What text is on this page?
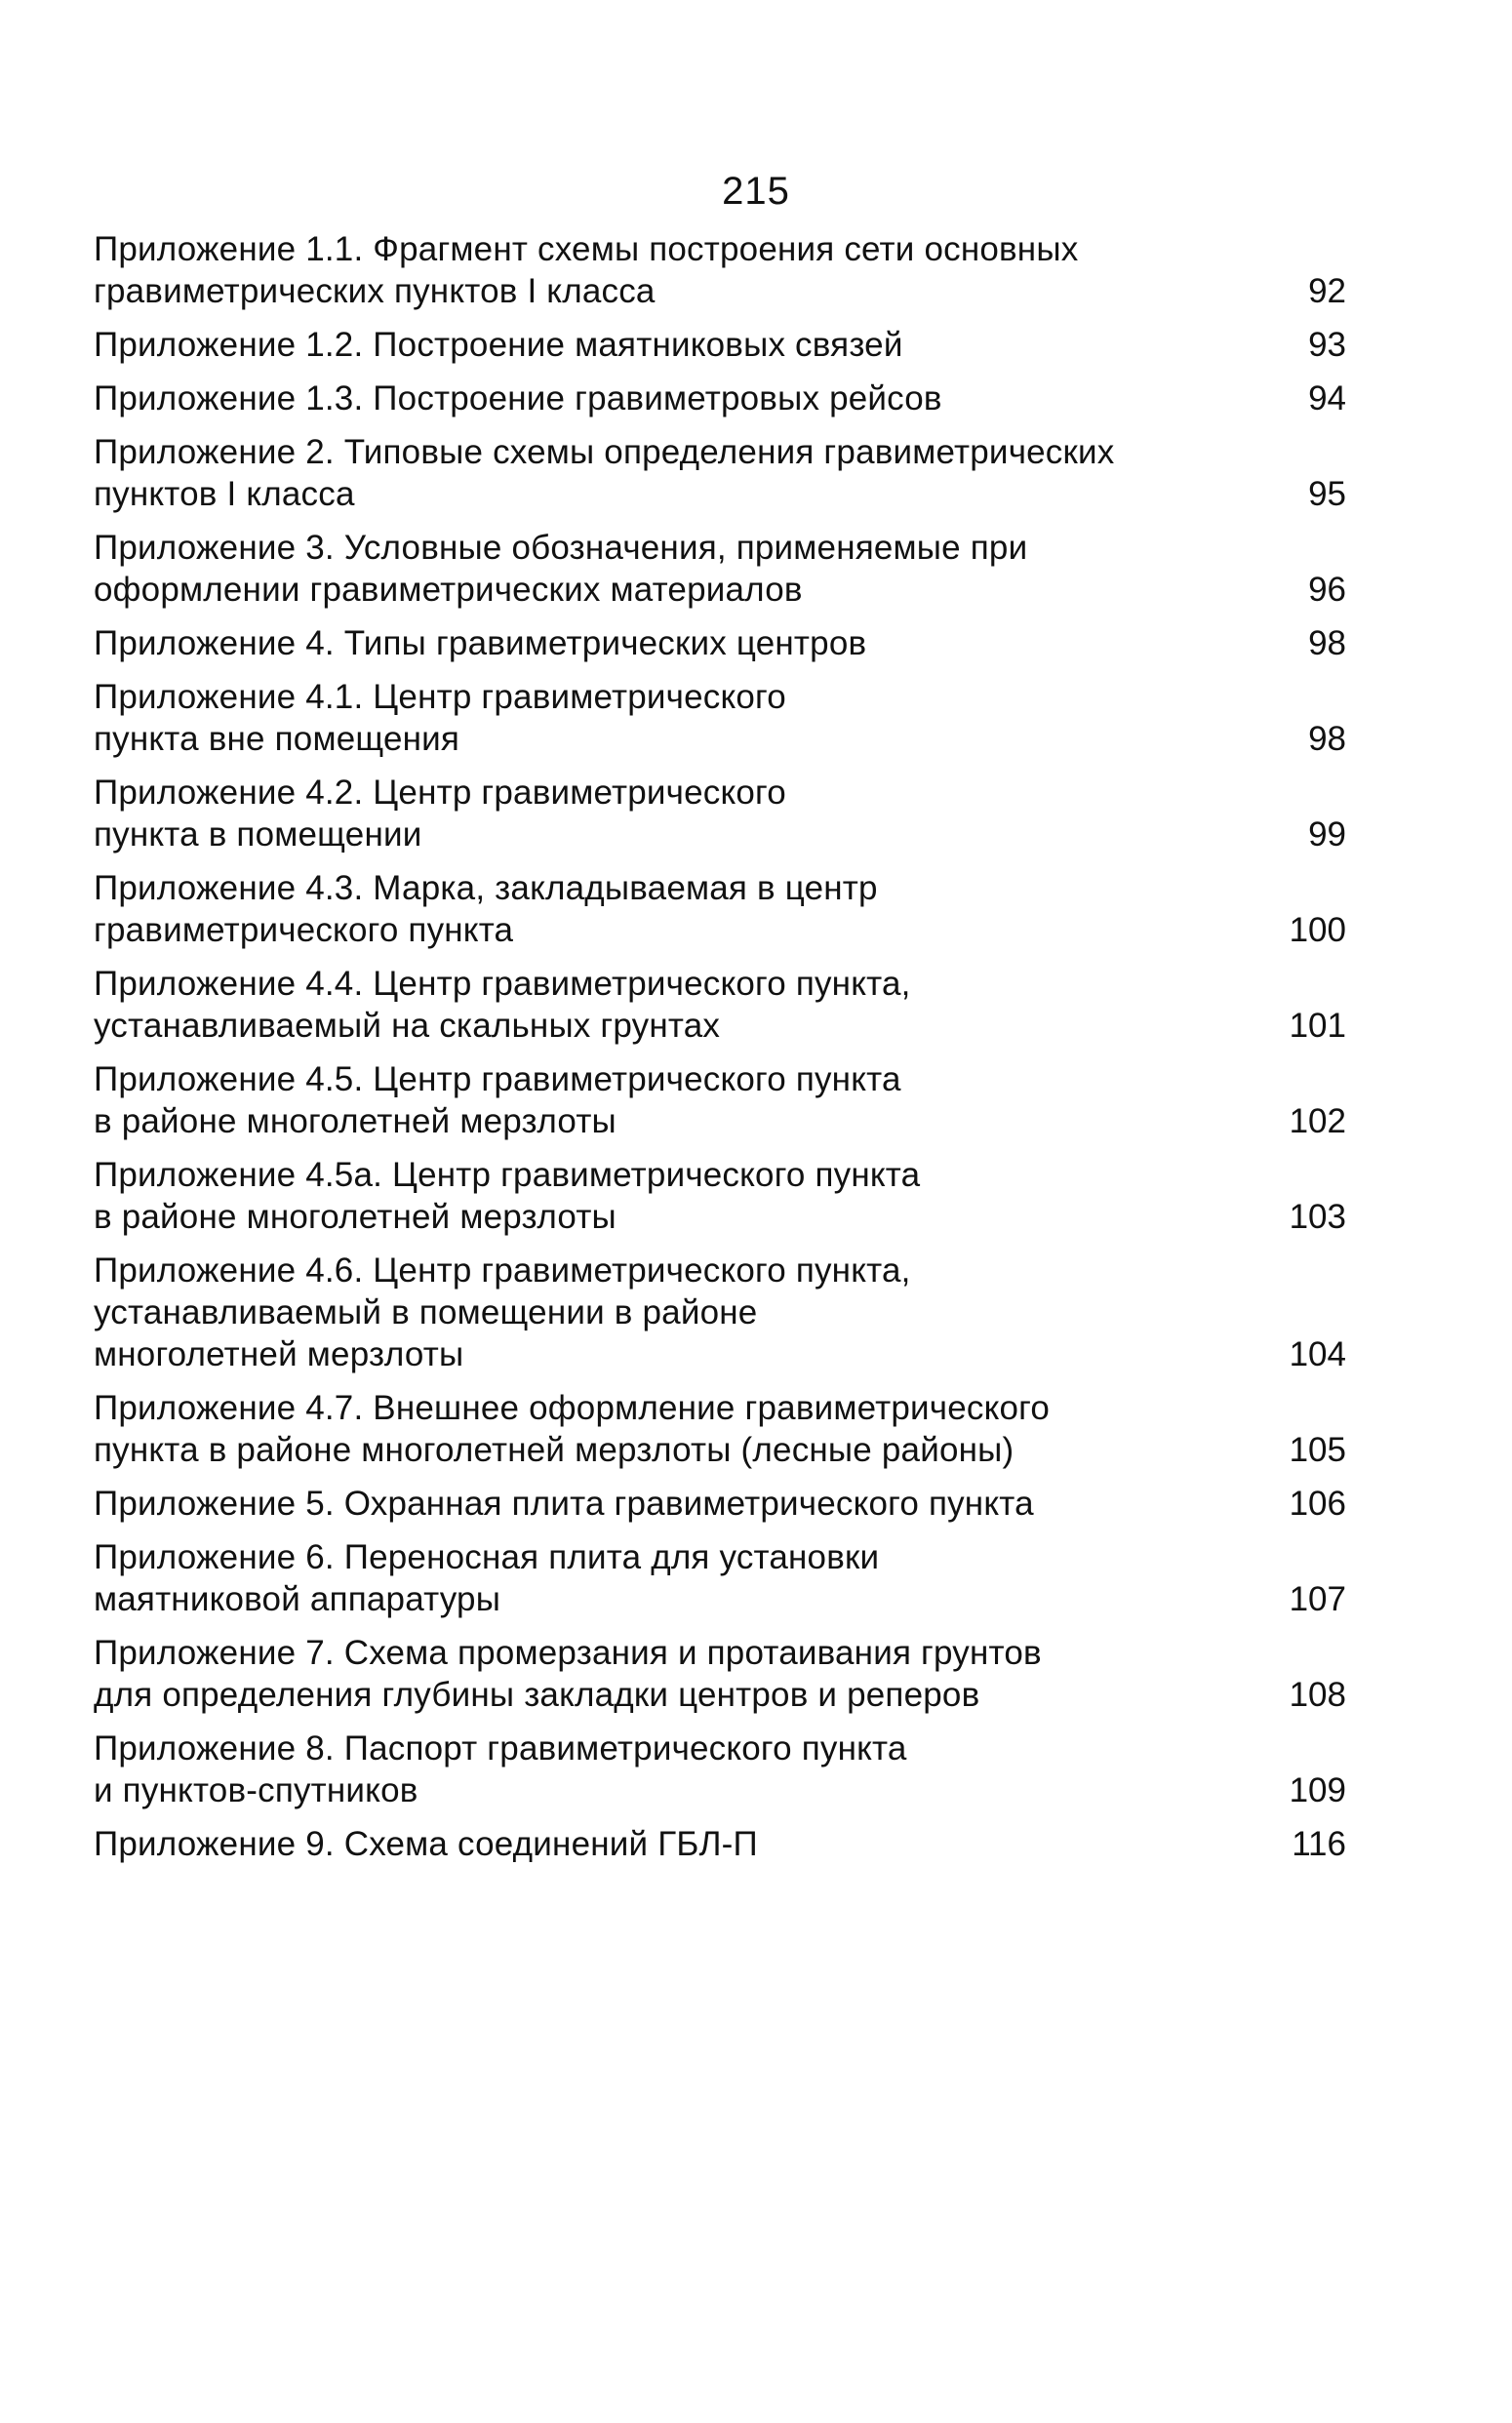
215
Приложение 1.1. Фрагмент схемы построения сети основных
гравиметрических пунктов I класса	92
Приложение 1.2. Построение маятниковых связей	93
Приложение 1.3. Построение гравиметровых рейсов	94
Приложение 2. Типовые схемы определения гравиметрических
пунктов I класса	95
Приложение 3. Условные обозначения, применяемые при
оформлении гравиметрических материалов	96
Приложение 4. Типы гравиметрических центров	98
Приложение 4.1. Центр гравиметрического
пункта вне помещения	98
Приложение 4.2. Центр гравиметрического
пункта в помещении	99
Приложение 4.3. Марка, закладываемая в центр
гравиметрического пункта	100
Приложение 4.4. Центр гравиметрического пункта,
устанавливаемый на скальных грунтах	101
Приложение 4.5. Центр гравиметрического пункта
в районе многолетней мерзлоты	102
Приложение 4.5а. Центр гравиметрического пункта
в районе многолетней мерзлоты	103
Приложение 4.6. Центр гравиметрического пункта,
устанавливаемый в помещении в районе
многолетней мерзлоты	104
Приложение 4.7. Внешнее оформление гравиметрического
пункта в районе многолетней мерзлоты (лесные районы)	105
Приложение 5. Охранная плита гравиметрического пункта	106
Приложение 6. Переносная плита для установки
маятниковой аппаратуры	107
Приложение 7. Схема промерзания и протаивания грунтов
для определения глубины закладки центров и реперов	108
Приложение 8. Паспорт гравиметрического пункта
и пунктов-спутников	109
Приложение 9. Схема соединений ГБЛ-П	116
